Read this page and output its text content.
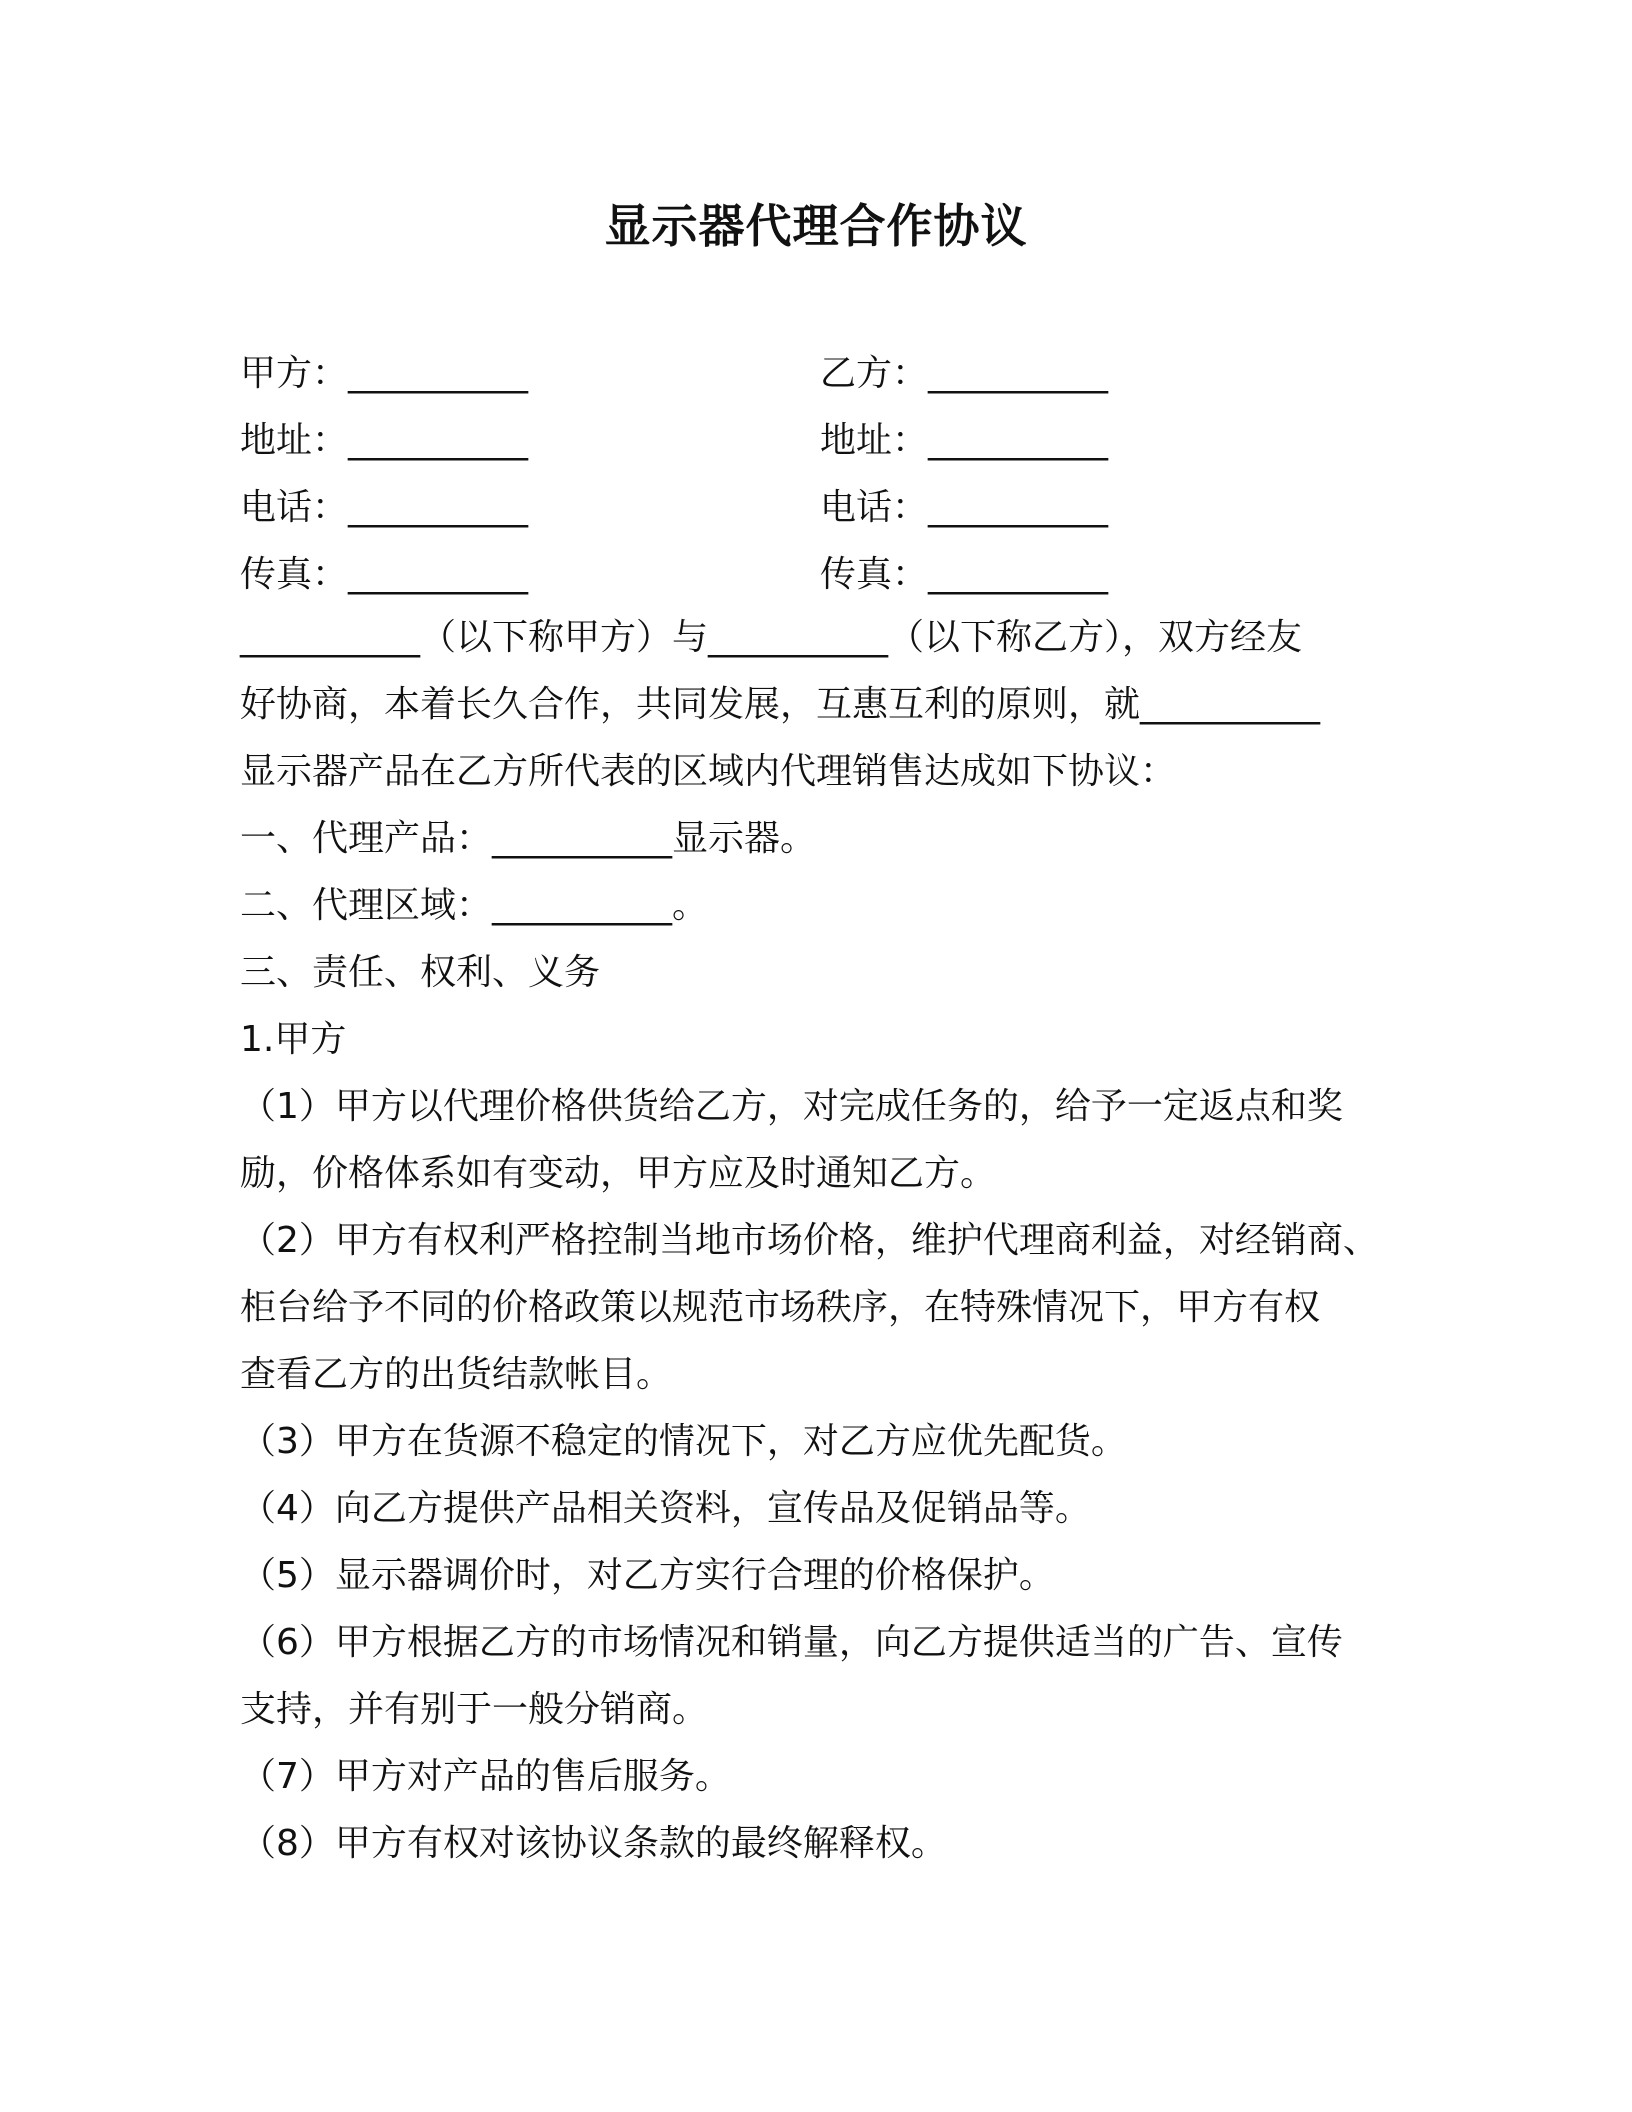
显示器代理合作协议
甲方：__________	乙方：__________
地址：__________	地址：__________
电话：__________	电话：__________
传真：__________	传真：__________
__________（以下称甲方）与__________（以下称乙方），双方经友
好协商，本着长久合作，共同发展，互惠互利的原则，就__________
显示器产品在乙方所代表的区域内代理销售达成如下协议：
一、代理产品：__________显示器。
二、代理区域：__________。
三、责任、权利、义务
1.甲方
（1）甲方以代理价格供货给乙方，对完成任务的，给予一定返点和奖
励，价格体系如有变动，甲方应及时通知乙方。
（2）甲方有权利严格控制当地市场价格，维护代理商利益，对经销商、
柜台给予不同的价格政策以规范市场秩序，在特殊情况下，甲方有权
查看乙方的出货结款帐目。
（3）甲方在货源不稳定的情况下，对乙方应优先配货。
（4）向乙方提供产品相关资料，宣传品及促销品等。
（5）显示器调价时，对乙方实行合理的价格保护。
（6）甲方根据乙方的市场情况和销量，向乙方提供适当的广告、宣传
支持，并有别于一般分销商。
（7）甲方对产品的售后服务。
（8）甲方有权对该协议条款的最终解释权。
